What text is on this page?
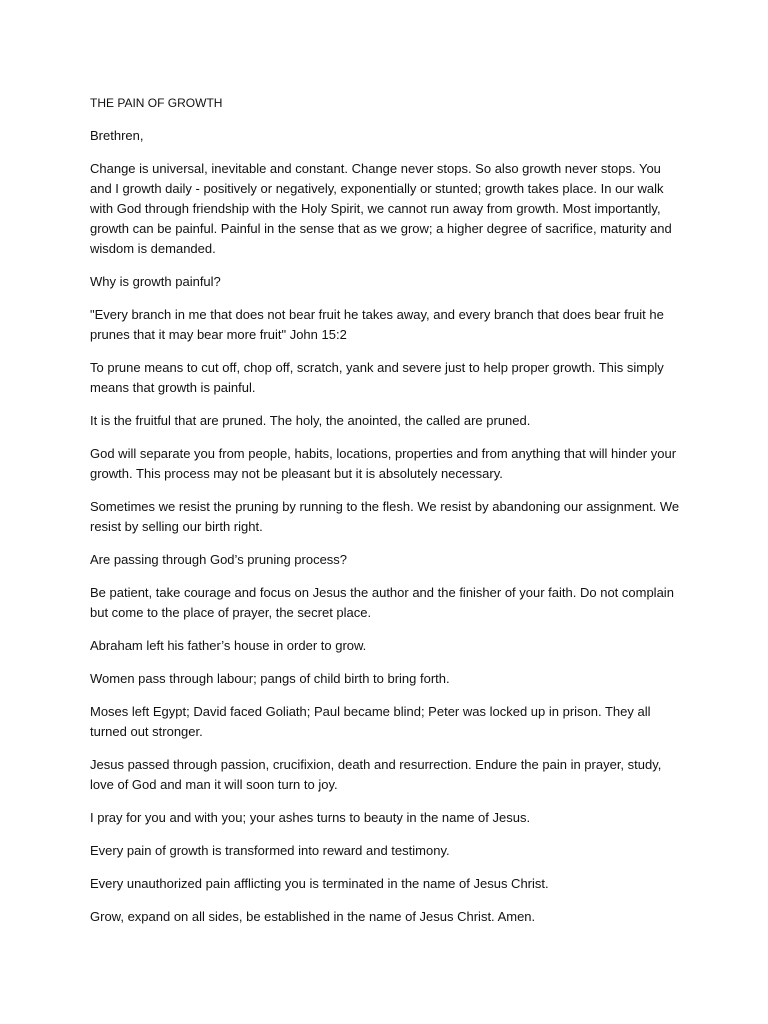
THE PAIN OF GROWTH

Brethren,

Change is universal, inevitable and constant. Change never stops. So also growth never stops. You and I growth daily - positively or negatively, exponentially or stunted; growth takes place. In our walk with God through friendship with the Holy Spirit, we cannot run away from growth. Most importantly, growth can be painful. Painful in the sense that as we grow; a higher degree of sacrifice, maturity and wisdom is demanded.

Why is growth painful?

"Every branch in me that does not bear fruit he takes away, and every branch that does bear fruit he prunes that it may bear more fruit" John 15:2

To prune means to cut off, chop off, scratch, yank and severe just to help proper growth. This simply means that growth is painful.

It is the fruitful that are pruned. The holy, the anointed, the called are pruned.

God will separate you from people, habits, locations, properties and from anything that will hinder your growth. This process may not be pleasant but it is absolutely necessary.

Sometimes we resist the pruning by running to the flesh. We resist by abandoning our assignment. We resist by selling our birth right.

Are passing through God’s pruning process?

Be patient, take courage and focus on Jesus the author and the finisher of your faith. Do not complain but come to the place of prayer, the secret place.

Abraham left his father’s house in order to grow.

Women pass through labour; pangs of child birth to bring forth.

Moses left Egypt; David faced Goliath; Paul became blind; Peter was locked up in prison. They all turned out stronger.

Jesus passed through passion, crucifixion, death and resurrection. Endure the pain in prayer, study, love of God and man it will soon turn to joy.

I pray for you and with you; your ashes turns to beauty in the name of Jesus.

Every pain of growth is transformed into reward and testimony.

Every unauthorized pain afflicting you is terminated in the name of Jesus Christ.

Grow, expand on all sides, be established in the name of Jesus Christ. Amen.
